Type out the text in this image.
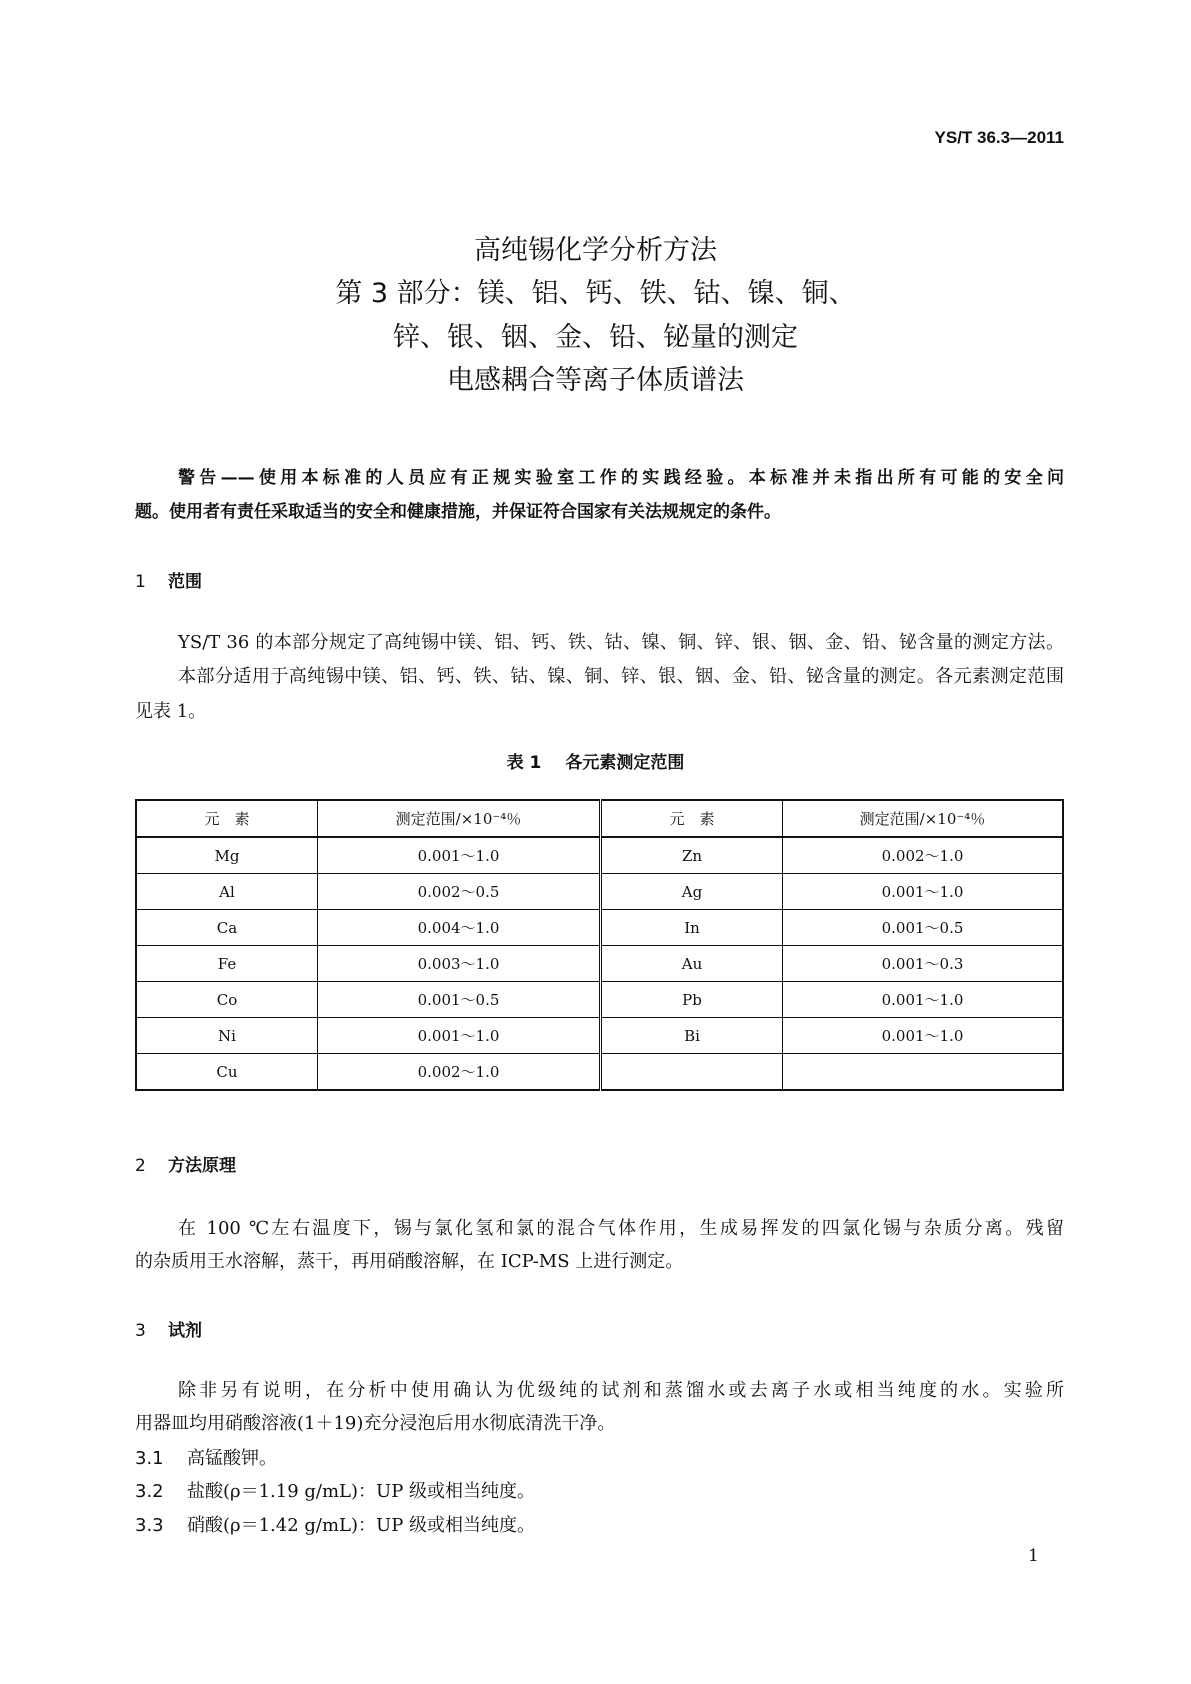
YS/T 36.3—2011
高纯锡化学分析方法
第 3 部分：镁、铝、钙、铁、钴、镍、铜、
锌、银、铟、金、铅、铋量的测定
电感耦合等离子体质谱法
警告——使用本标准的人员应有正规实验室工作的实践经验。本标准并未指出所有可能的安全问
题。使用者有责任采取适当的安全和健康措施，并保证符合国家有关法规规定的条件。
1 范围
YS/T 36 的本部分规定了高纯锡中镁、铝、钙、铁、钴、镍、铜、锌、银、铟、金、铅、铋含量的测定方法。
本部分适用于高纯锡中镁、铝、钙、铁、钴、镍、铜、锌、银、铟、金、铅、铋含量的测定。各元素测定范围
见表 1。
表 1 各元素测定范围
元　素	测定范围/×10⁻⁴％	元　素	测定范围/×10⁻⁴％
Mg	0.001～1.0	Zn	0.002～1.0
Al	0.002～0.5	Ag	0.001～1.0
Ca	0.004～1.0	In	0.001～0.5
Fe	0.003～1.0	Au	0.001～0.3
Co	0.001～0.5	Pb	0.001～1.0
Ni	0.001～1.0	Bi	0.001～1.0
Cu	0.002～1.0		
2 方法原理
在 100 ℃左右温度下，锡与氯化氢和氯的混合气体作用，生成易挥发的四氯化锡与杂质分离。残留
的杂质用王水溶解，蒸干，再用硝酸溶解，在 ICP-MS 上进行测定。
3 试剂
除非另有说明，在分析中使用确认为优级纯的试剂和蒸馏水或去离子水或相当纯度的水。实验所
用器皿均用硝酸溶液(1＋19)充分浸泡后用水彻底清洗干净。
3.1 高锰酸钾。
3.2 盐酸(ρ＝1.19 g/mL)：UP 级或相当纯度。
3.3 硝酸(ρ＝1.42 g/mL)：UP 级或相当纯度。
1
